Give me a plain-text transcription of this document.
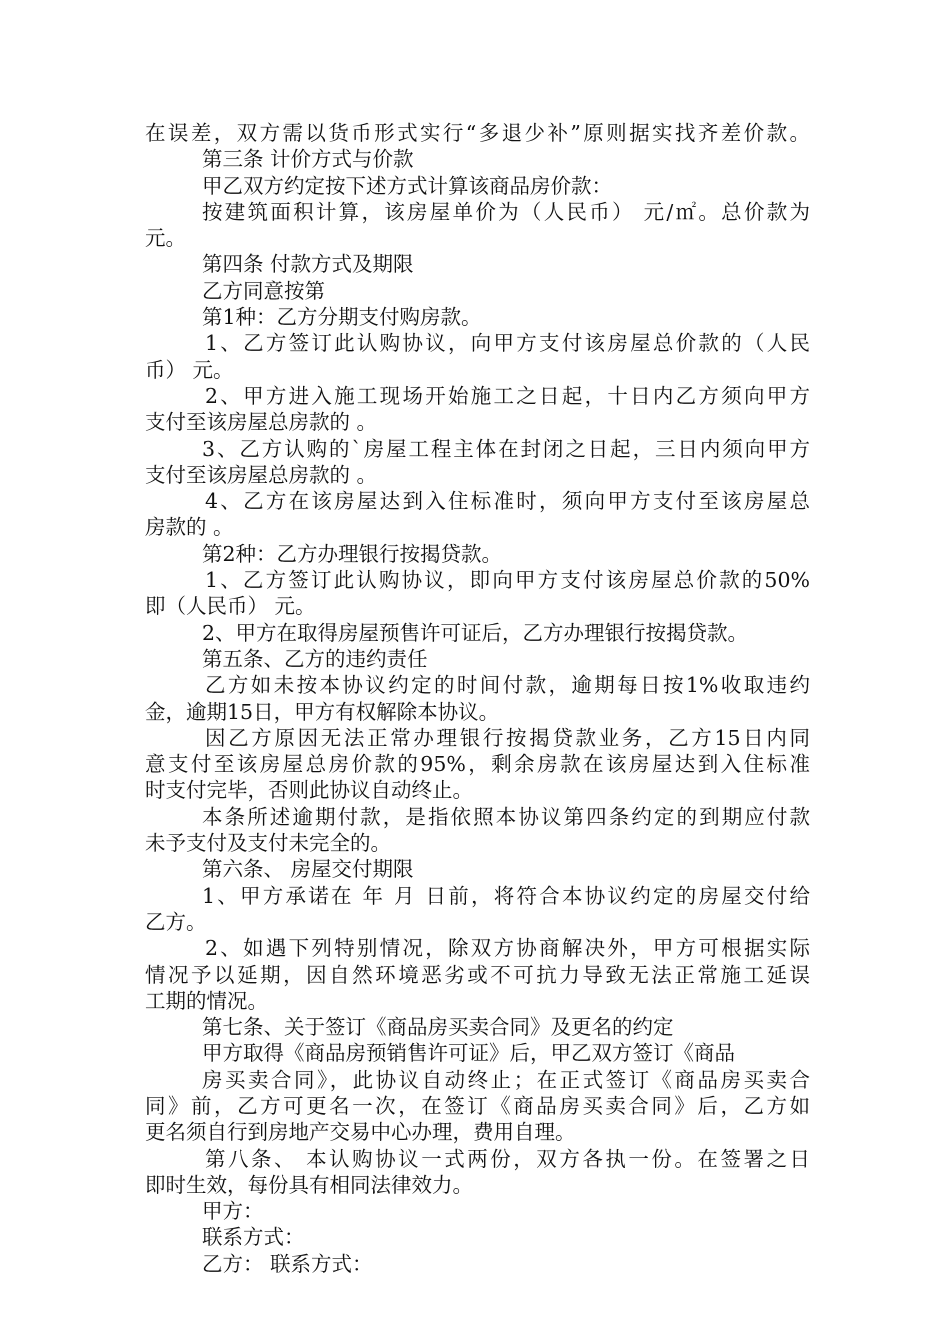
在误差，双方需以货币形式实行“多退少补”原则据实找齐差价款。
第三条 计价方式与价款
甲乙双方约定按下述方式计算该商品房价款：
按建筑面积计算，该房屋单价为（人民币） 元/㎡。总价款为
元。
第四条 付款方式及期限
乙方同意按第
第1种：乙方分期支付购房款。
1、乙方签订此认购协议，向甲方支付该房屋总价款的（人民
币） 元。
2、甲方进入施工现场开始施工之日起，十日内乙方须向甲方
支付至该房屋总房款的 。
3、乙方认购的`房屋工程主体在封闭之日起，三日内须向甲方
支付至该房屋总房款的 。
4、乙方在该房屋达到入住标准时，须向甲方支付至该房屋总
房款的 。
第2种：乙方办理银行按揭贷款。
1、乙方签订此认购协议，即向甲方支付该房屋总价款的50%
即（人民币） 元。
2、甲方在取得房屋预售许可证后，乙方办理银行按揭贷款。
第五条、乙方的违约责任
乙方如未按本协议约定的时间付款，逾期每日按1%收取违约
金，逾期15日，甲方有权解除本协议。
因乙方原因无法正常办理银行按揭贷款业务，乙方15日内同
意支付至该房屋总房价款的95%，剩余房款在该房屋达到入住标准
时支付完毕，否则此协议自动终止。
本条所述逾期付款，是指依照本协议第四条约定的到期应付款
未予支付及支付未完全的。
第六条、 房屋交付期限
1、甲方承诺在 年 月 日前，将符合本协议约定的房屋交付给
乙方。
2、如遇下列特别情况，除双方协商解决外，甲方可根据实际
情况予以延期，因自然环境恶劣或不可抗力导致无法正常施工延误
工期的情况。
第七条、关于签订《商品房买卖合同》及更名的约定
甲方取得《商品房预销售许可证》后，甲乙双方签订《商品
房买卖合同》，此协议自动终止；在正式签订《商品房买卖合
同》前，乙方可更名一次，在签订《商品房买卖合同》后，乙方如
更名须自行到房地产交易中心办理，费用自理。
第八条、 本认购协议一式两份，双方各执一份。在签署之日
即时生效，每份具有相同法律效力。
甲方：
联系方式：
乙方： 联系方式：
